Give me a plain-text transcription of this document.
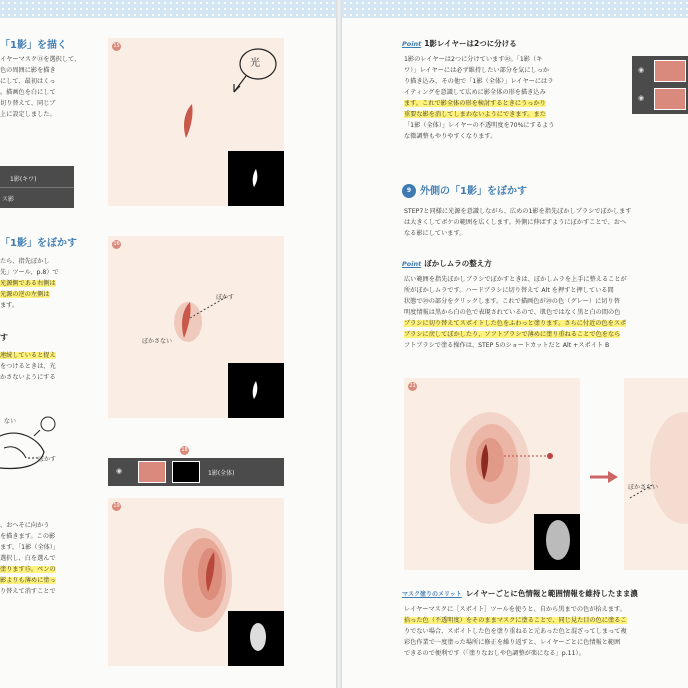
「1影」を描く
イヤーマスク⑬を選択して、
色の周囲に影を描き
にして、最初はくっ
。描画色を白にして
切り替えて、同じブ
上に設定しました。
1影(キワ)
ス影
「1影」をぼかす
たら、指先ぼかし
先」ツール、p.8）で
光源側である右側は
光源の逆の左側は
ます。
す
連続していると捉え
をつけるときは、光
かさないようにする
ない
ぼかす
、おへそに向かう
を描きます。この影
ます。「1影（全体）」
選択し、白を選んで
塗ります⑮。ペンの
影よりも薄めに塗っ
り替えて消すことで
15
光
16
ぼかす
ぼかさない
◉
18
1影(全体)
19
Point 1影レイヤーは2つに分ける
1影のレイヤーは2つに分けています⑳。「1影（キ
ワ）」レイヤーには必ず維持したい部分を気にしっか
り描き込み、その他で「1影（全体）」レイヤーにはラ
イティングを意識して広めに影全体の形を描き込み
ます。これで影全体の形を検討するときにうっかり
重要な影を消してしまわないようにできます。また
「1影（全体）」レイヤーの不透明度を70%にするよう
な微調整もやりやすくなります。
◉
◉
9 外側の「1影」をぼかす
STEP7と同様に光源を意識しながら、広めの1影を指先ぼかしブラシでぼかします
は大きくしてボケの範囲を広くします。外側に伸ばすようにぼかすことで、おへ
なる影にしています。
Point ぼかしムラの整え方
広い範囲を指先ぼかしブラシでぼかすときは、ぼかしムラを上手に整えることが
所がぼかしムラです。ハードブラシに切り替えて Alt を押すと押している間
状態で⑳の部分をクリックします。これで描画色が⑳の色（グレー）に切り替
明度情報は黒から白の色で表現されているので、肌色ではなく黒と白の間の色
ブラシに切り替えてスポイトした色をふわっと塗ります。さらに付近の色をスポ
ブラシに戻してぼかしたり、ソフトブラシで薄めに塗り重ねることで色をなら
フトブラシで塗る操作は、STEP 5のショートカットだと Alt +スポイト B
21
ぼかさない
マスク塗りのメリット レイヤーごとに色情報と範囲情報を維持したまま濃
レイヤーマスクに［スポイト］ツールを使うと、自から黒までの色が拾えます。
拾った色（不透明度）をそのままマスクに塗ることで、同じ見た目の色に塗るこ
りでない場合、スポイトした色を塗り重ねると元あった色と混ざってしまって複
彩色作業で一度塗った場所に修正を繰り返すと、レイヤーごとに色情報と範囲
できるので便利です（「塗りなおしや色調整が楽になる」p.11）。
